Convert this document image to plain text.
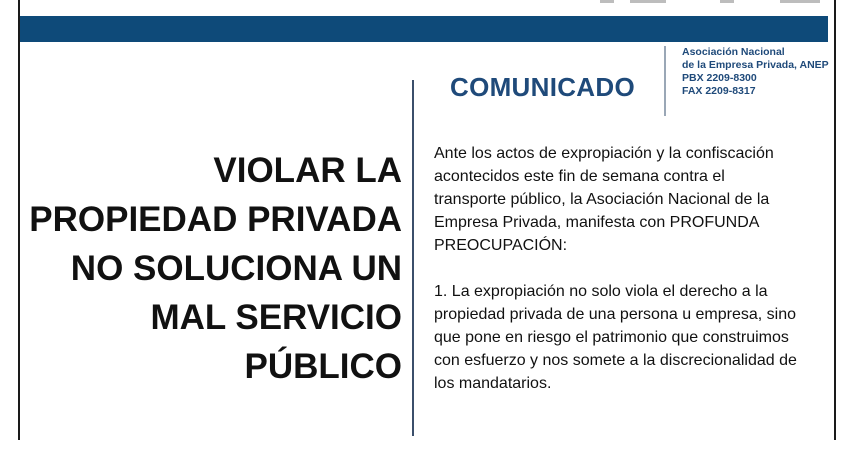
VIOLAR LA
PROPIEDAD PRIVADA
NO SOLUCIONA UN
MAL SERVICIO
PÚBLICO
COMUNICADO
Asociación Nacional
de la Empresa Privada, ANEP
PBX 2209-8300
FAX 2209-8317

Ante los actos de expropiación y la confiscación

acontecidos este fin de semana contra el

transporte público, la Asociación Nacional de la

Empresa Privada, manifesta con PROFUNDA

PREOCUPACIÓN:

1. La expropiación no solo viola el derecho a la

propiedad privada de una persona u empresa, sino

que pone en riesgo el patrimonio que construimos

con esfuerzo y nos somete a la discrecionalidad de

los mandatarios.
